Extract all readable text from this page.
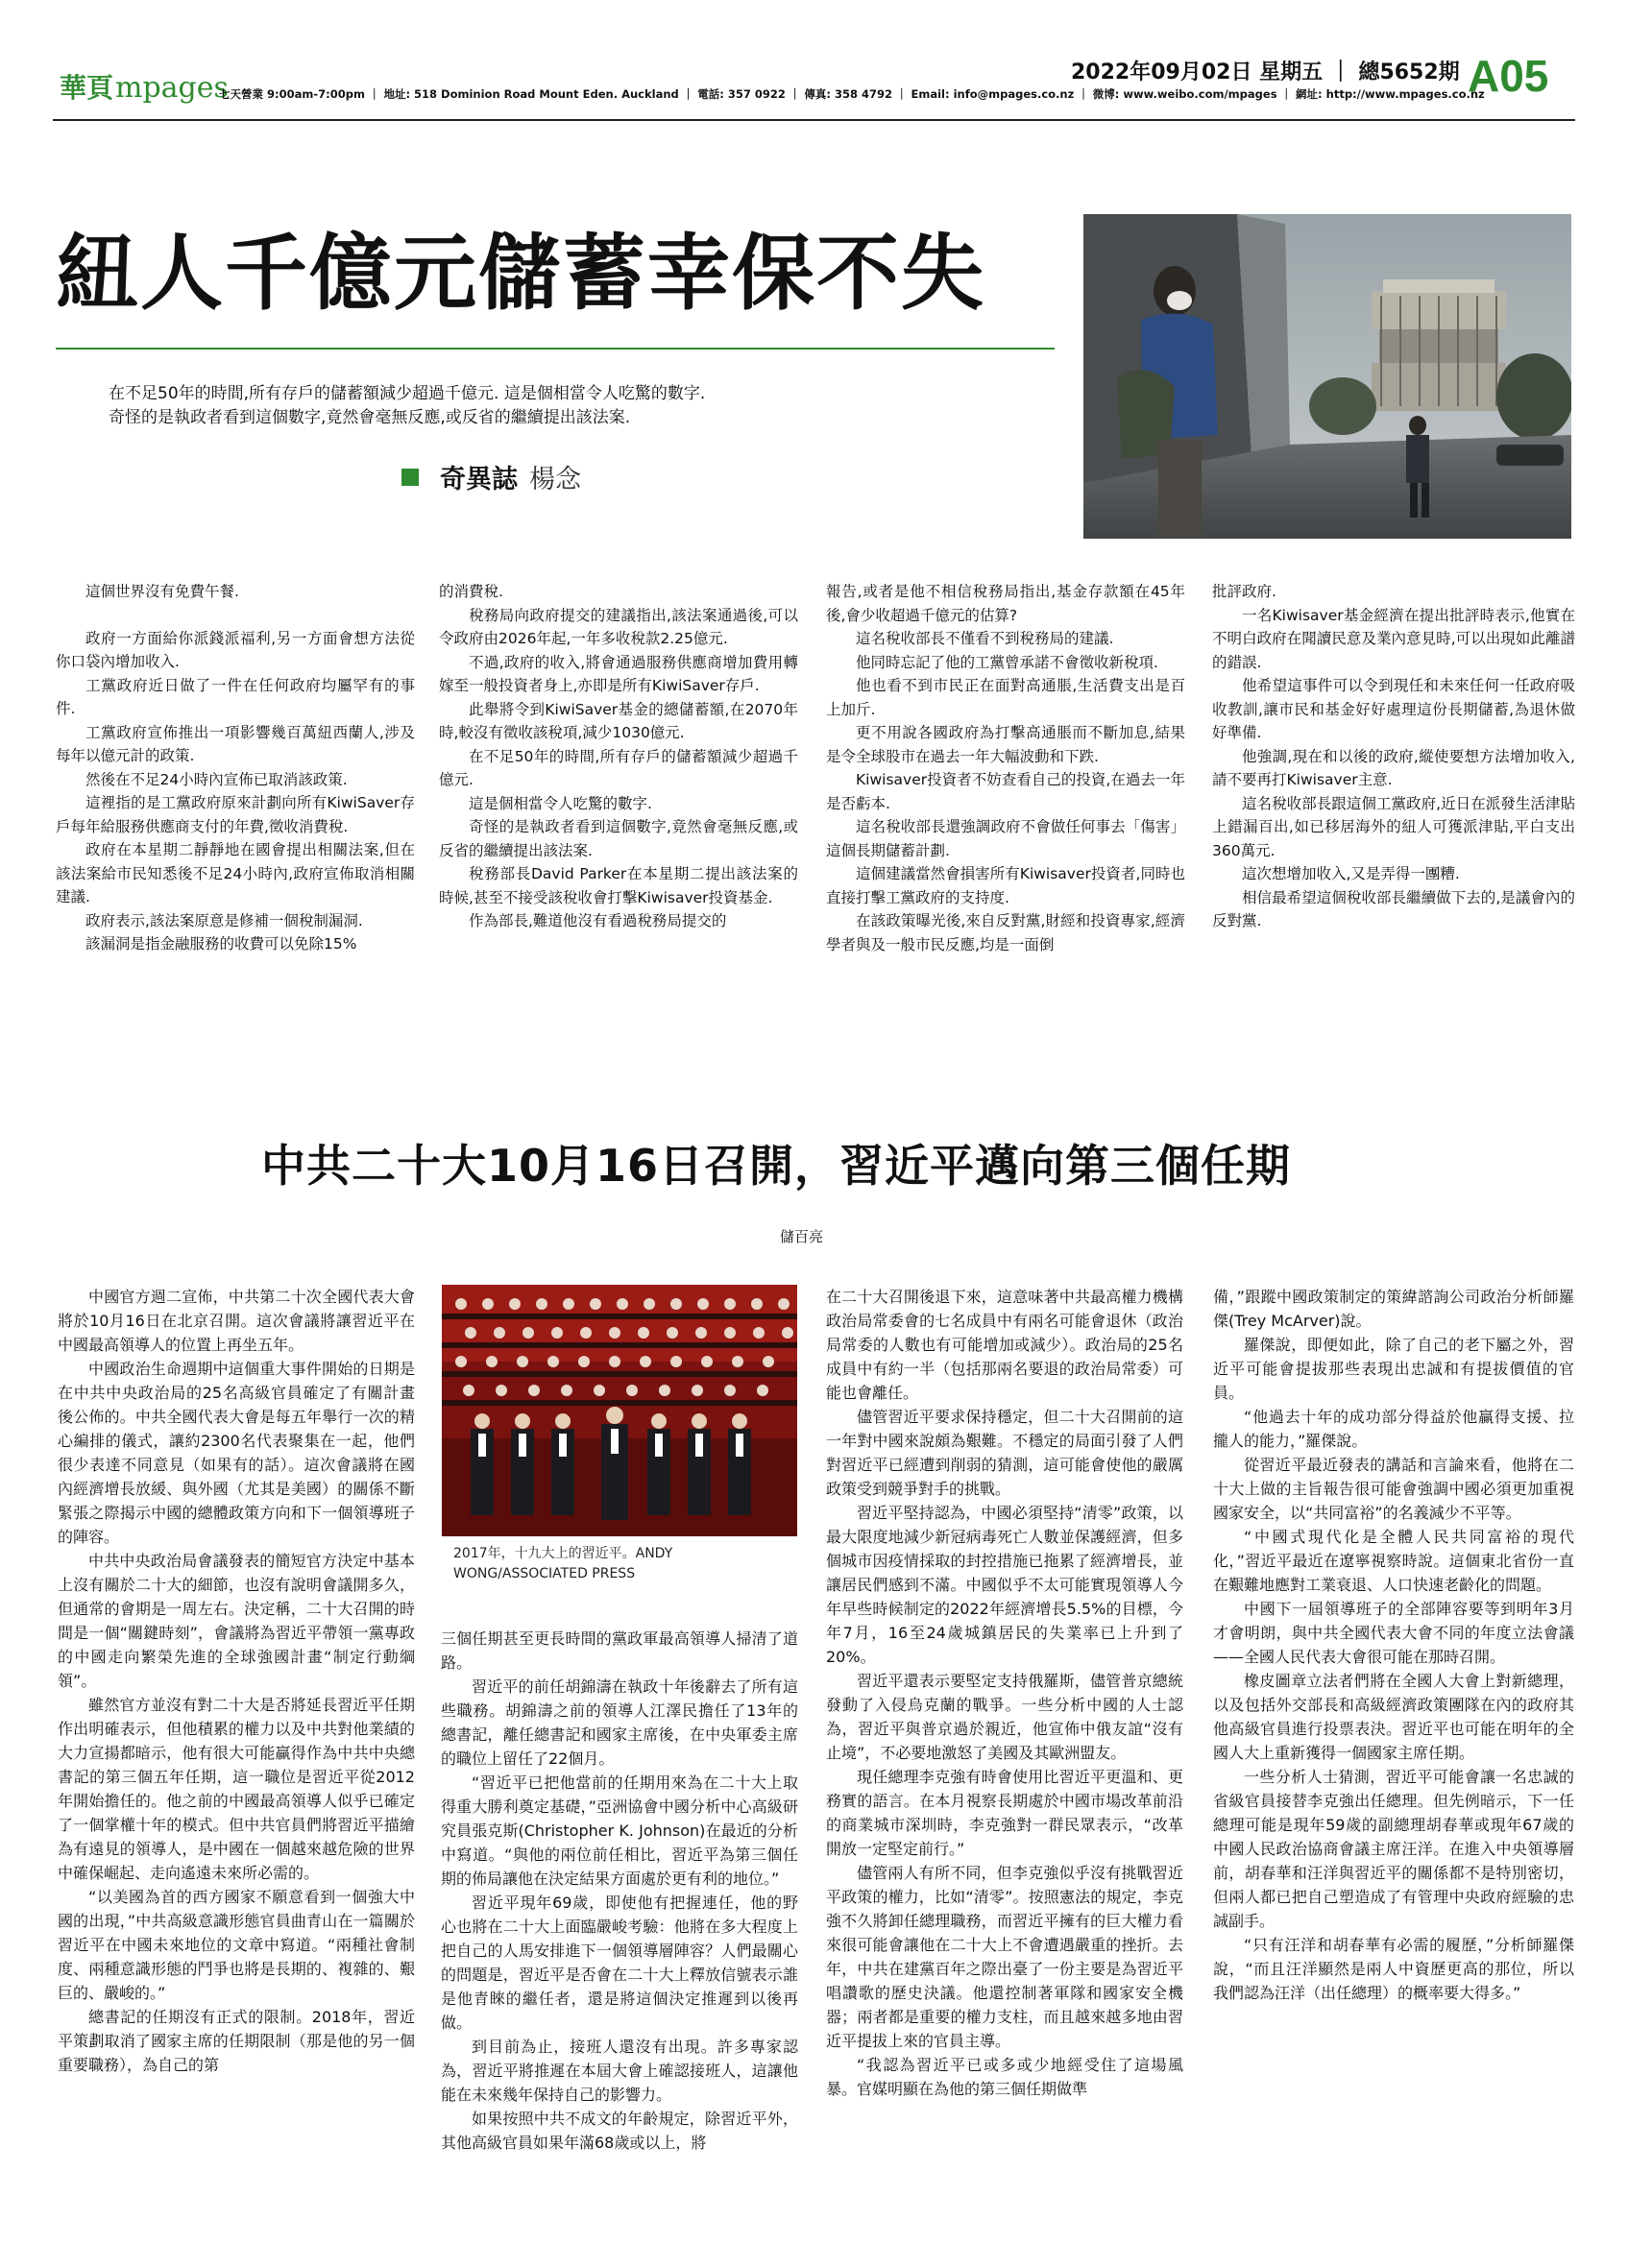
華頁mpages
七天營業 9:00am-7:00pm ｜ 地址: 518 Dominion Road Mount Eden. Auckland ｜ 電話: 357 0922 ｜ 傳真: 358 4792 ｜ Email: info@mpages.co.nz ｜ 微博: www.weibo.com/mpages ｜ 網址: http://www.mpages.co.nz
2022年09月02日 星期五 ｜ 總5652期 A05
紐人千億元儲蓄幸保不失
在不足50年的時間,所有存戶的儲蓄額減少超過千億元. 這是個相當令人吃驚的數字.
奇怪的是執政者看到這個數字,竟然會毫無反應,或反省的繼續提出該法案.
奇異誌 楊念

這個世界沒有免費午餐.

政府一方面給你派錢派福利,另一方面會想方法從你口袋內增加收入.

工黨政府近日做了一件在任何政府均屬罕有的事件.

工黨政府宣佈推出一項影響幾百萬紐西蘭人,涉及每年以億元計的政策.

然後在不足24小時內宣佈已取消該政策.

這裡指的是工黨政府原來計劃向所有KiwiSaver存戶每年給服務供應商支付的年費,徵收消費稅.

政府在本星期二靜靜地在國會提出相關法案,但在該法案給市民知悉後不足24小時內,政府宣佈取消相關建議.

政府表示,該法案原意是修補一個稅制漏洞.

該漏洞是指金融服務的收費可以免除15%

的消費稅.

稅務局向政府提交的建議指出,該法案通過後,可以令政府由2026年起,一年多收稅款2.25億元.

不過,政府的收入,將會通過服務供應商增加費用轉嫁至一般投資者身上,亦即是所有KiwiSaver存戶.

此舉將令到KiwiSaver基金的總儲蓄額,在2070年時,較沒有徵收該稅項,減少1030億元.

在不足50年的時間,所有存戶的儲蓄額減少超過千億元.

這是個相當令人吃驚的數字.

奇怪的是執政者看到這個數字,竟然會毫無反應,或反省的繼續提出該法案.

稅務部長David Parker在本星期二提出該法案的時候,甚至不接受該稅收會打擊Kiwisaver投資基金.

作為部長,難道他沒有看過稅務局提交的

報告,或者是他不相信稅務局指出,基金存款額在45年後,會少收超過千億元的估算?

這名稅收部長不僅看不到稅務局的建議.

他同時忘記了他的工黨曾承諾不會徵收新稅項.

他也看不到市民正在面對高通脹,生活費支出是百上加斤.

更不用說各國政府為打擊高通脹而不斷加息,結果是令全球股市在過去一年大幅波動和下跌.

Kiwisaver投資者不妨查看自己的投資,在過去一年是否虧本.

這名稅收部長還強調政府不會做任何事去「傷害」這個長期儲蓄計劃.

這個建議當然會損害所有Kiwisaver投資者,同時也直接打擊工黨政府的支持度.

在該政策曝光後,來自反對黨,財經和投資專家,經濟學者與及一般市民反應,均是一面倒

批評政府.

一名Kiwisaver基金經濟在提出批評時表示,他實在不明白政府在聞讀民意及業內意見時,可以出現如此離譜的錯誤.

他希望這事件可以令到現任和未來任何一任政府吸收教訓,讓市民和基金好好處理這份長期儲蓄,為退休做好準備.

他強調,現在和以後的政府,縱使要想方法增加收入,請不要再打Kiwisaver主意.

這名稅收部長跟這個工黨政府,近日在派發生活津貼上錯漏百出,如已移居海外的紐人可獲派津貼,平白支出360萬元.

這次想增加收入,又是弄得一團糟.

相信最希望這個稅收部長繼續做下去的,是議會內的反對黨.

中共二十大10月16日召開，習近平邁向第三個任期
儲百亮

中國官方週二宣佈，中共第二十次全國代表大會將於10月16日在北京召開。這次會議將讓習近平在中國最高領導人的位置上再坐五年。

中國政治生命週期中這個重大事件開始的日期是在中共中央政治局的25名高級官員確定了有關計畫後公佈的。中共全國代表大會是每五年舉行一次的精心編排的儀式，讓約2300名代表聚集在一起，他們很少表達不同意見（如果有的話）。這次會議將在國內經濟增長放緩、與外國（尤其是美國）的關係不斷緊張之際揭示中國的總體政策方向和下一個領導班子的陣容。

中共中央政治局會議發表的簡短官方決定中基本上沒有關於二十大的細節，也沒有說明會議開多久，但通常的會期是一周左右。決定稱，二十大召開的時間是一個“關鍵時刻”，會議將為習近平帶領一黨專政的中國走向繁榮先進的全球強國計畫“制定行動綱領”。

雖然官方並沒有對二十大是否將延長習近平任期作出明確表示，但他積累的權力以及中共對他業績的大力宣揚都暗示，他有很大可能贏得作為中共中央總書記的第三個五年任期，這一職位是習近平從2012年開始擔任的。他之前的中國最高領導人似乎已確定了一個掌權十年的模式。但中共官員們將習近平描繪為有遠見的領導人，是中國在一個越來越危險的世界中確保崛起、走向遙遠未來所必需的。

“以美國為首的西方國家不願意看到一個強大中國的出現，”中共高級意識形態官員曲青山在一篇關於習近平在中國未來地位的文章中寫道。“兩種社會制度、兩種意識形態的鬥爭也將是長期的、複雜的、艱巨的、嚴峻的。”

總書記的任期沒有正式的限制。2018年，習近平策劃取消了國家主席的任期限制（那是他的另一個重要職務），為自己的第

2017年，十九大上的習近平。ANDY WONG/ASSOCIATED PRESS

三個任期甚至更長時間的黨政軍最高領導人掃清了道路。

習近平的前任胡錦濤在執政十年後辭去了所有這些職務。胡錦濤之前的領導人江澤民擔任了13年的總書記，離任總書記和國家主席後，在中央軍委主席的職位上留任了22個月。

“習近平已把他當前的任期用來為在二十大上取得重大勝利奠定基礎，”亞洲協會中國分析中心高級研究員張克斯(Christopher K. Johnson)在最近的分析中寫道。“與他的兩位前任相比，習近平為第三個任期的佈局讓他在決定結果方面處於更有利的地位。”

習近平現年69歲，即使他有把握連任，他的野心也將在二十大上面臨嚴峻考驗：他將在多大程度上把自己的人馬安排進下一個領導層陣容？人們最關心的問題是，習近平是否會在二十大上釋放信號表示誰是他青睞的繼任者，還是將這個決定推遲到以後再做。

到目前為止，接班人還沒有出現。許多專家認為，習近平將推遲在本屆大會上確認接班人，這讓他能在未來幾年保持自己的影響力。

如果按照中共不成文的年齡規定，除習近平外，其他高級官員如果年滿68歲或以上，將

在二十大召開後退下來，這意味著中共最高權力機構政治局常委會的七名成員中有兩名可能會退休（政治局常委的人數也有可能增加或減少）。政治局的25名成員中有約一半（包括那兩名要退的政治局常委）可能也會離任。

儘管習近平要求保持穩定，但二十大召開前的這一年對中國來說頗為艱難。不穩定的局面引發了人們對習近平已經遭到削弱的猜測，這可能會使他的嚴厲政策受到競爭對手的挑戰。

習近平堅持認為，中國必須堅持“清零”政策，以最大限度地減少新冠病毒死亡人數並保護經濟，但多個城市因疫情採取的封控措施已拖累了經濟增長，並讓居民們感到不滿。中國似乎不太可能實現領導人今年早些時候制定的2022年經濟增長5.5%的目標，今年7月，16至24歲城鎮居民的失業率已上升到了20%。

習近平還表示要堅定支持俄羅斯，儘管普京總統發動了入侵烏克蘭的戰爭。一些分析中國的人士認為，習近平與普京過於親近，他宣佈中俄友誼“沒有止境”，不必要地激怒了美國及其歐洲盟友。

現任總理李克強有時會使用比習近平更溫和、更務實的語言。在本月視察長期處於中國市場改革前沿的商業城市深圳時，李克強對一群民眾表示，“改革開放一定堅定前行。”

儘管兩人有所不同，但李克強似乎沒有挑戰習近平政策的權力，比如“清零”。按照憲法的規定，李克強不久將卸任總理職務，而習近平擁有的巨大權力看來很可能會讓他在二十大上不會遭遇嚴重的挫折。去年，中共在建黨百年之際出臺了一份主要是為習近平唱讚歌的歷史決議。他還控制著軍隊和國家安全機器；兩者都是重要的權力支柱，而且越來越多地由習近平提拔上來的官員主導。

“我認為習近平已或多或少地經受住了這場風暴。官媒明顯在為他的第三個任期做準

備，”跟蹤中國政策制定的策緯諮詢公司政治分析師羅傑(Trey McArver)說。

羅傑說，即便如此，除了自己的老下屬之外，習近平可能會提拔那些表現出忠誠和有提拔價值的官員。

“他過去十年的成功部分得益於他贏得支援、拉攏人的能力，”羅傑說。

從習近平最近發表的講話和言論來看，他將在二十大上做的主旨報告很可能會強調中國必須更加重視國家安全，以“共同富裕”的名義減少不平等。

“中國式現代化是全體人民共同富裕的現代化，”習近平最近在遼寧視察時說。這個東北省份一直在艱難地應對工業衰退、人口快速老齡化的問題。

中國下一屆領導班子的全部陣容要等到明年3月才會明朗，與中共全國代表大會不同的年度立法會議——全國人民代表大會很可能在那時召開。

橡皮圖章立法者們將在全國人大會上對新總理，以及包括外交部長和高級經濟政策團隊在內的政府其他高級官員進行投票表決。習近平也可能在明年的全國人大上重新獲得一個國家主席任期。

一些分析人士猜測，習近平可能會讓一名忠誠的省級官員接替李克強出任總理。但先例暗示，下一任總理可能是現年59歲的副總理胡春華或現年67歲的中國人民政治協商會議主席汪洋。在進入中央領導層前，胡春華和汪洋與習近平的關係都不是特別密切，但兩人都已把自己塑造成了有管理中央政府經驗的忠誠副手。

“只有汪洋和胡春華有必需的履歷，”分析師羅傑說，“而且汪洋顯然是兩人中資歷更高的那位，所以我們認為汪洋（出任總理）的概率要大得多。”
